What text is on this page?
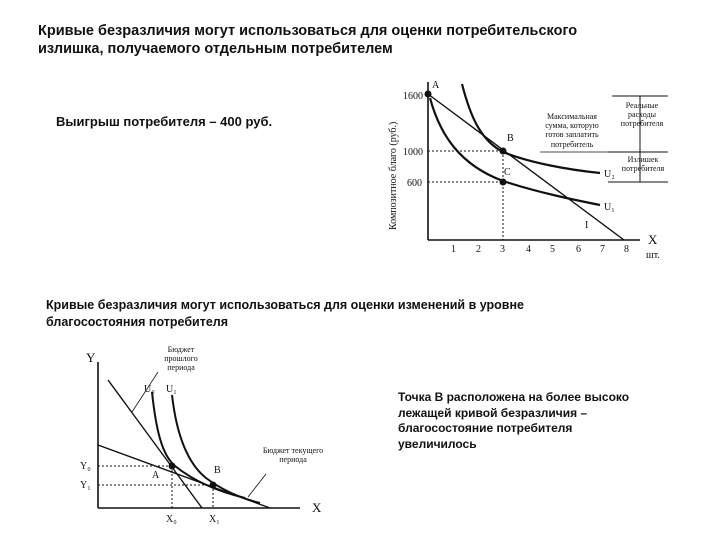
Кривые безразличия могут использоваться для оценки потребительского излишка, получаемого отдельным потребителем
Выигрыш потребителя – 400 руб.
Кривые безразличия могут использоваться для оценки изменений в уровне благосостояния потребителя
Точка В расположена на более высоко лежащей кривой безразличия – благосостояние потребителя увеличилось
Композитное благо (руб.)
1600
1000
600
1 2 3 4 5 6 7 8
X
шт.
A
B
C	U₂
U₁
I
Максимальная сумма, которую готов заплатить потребитель
Реальные расходы потребителя
Излишек потребителя
Y
X
Y₀
Y₁
X₀	X₁
U₀ U₁
A	B
Бюджет прошлого периода
Бюджет текущего периода
